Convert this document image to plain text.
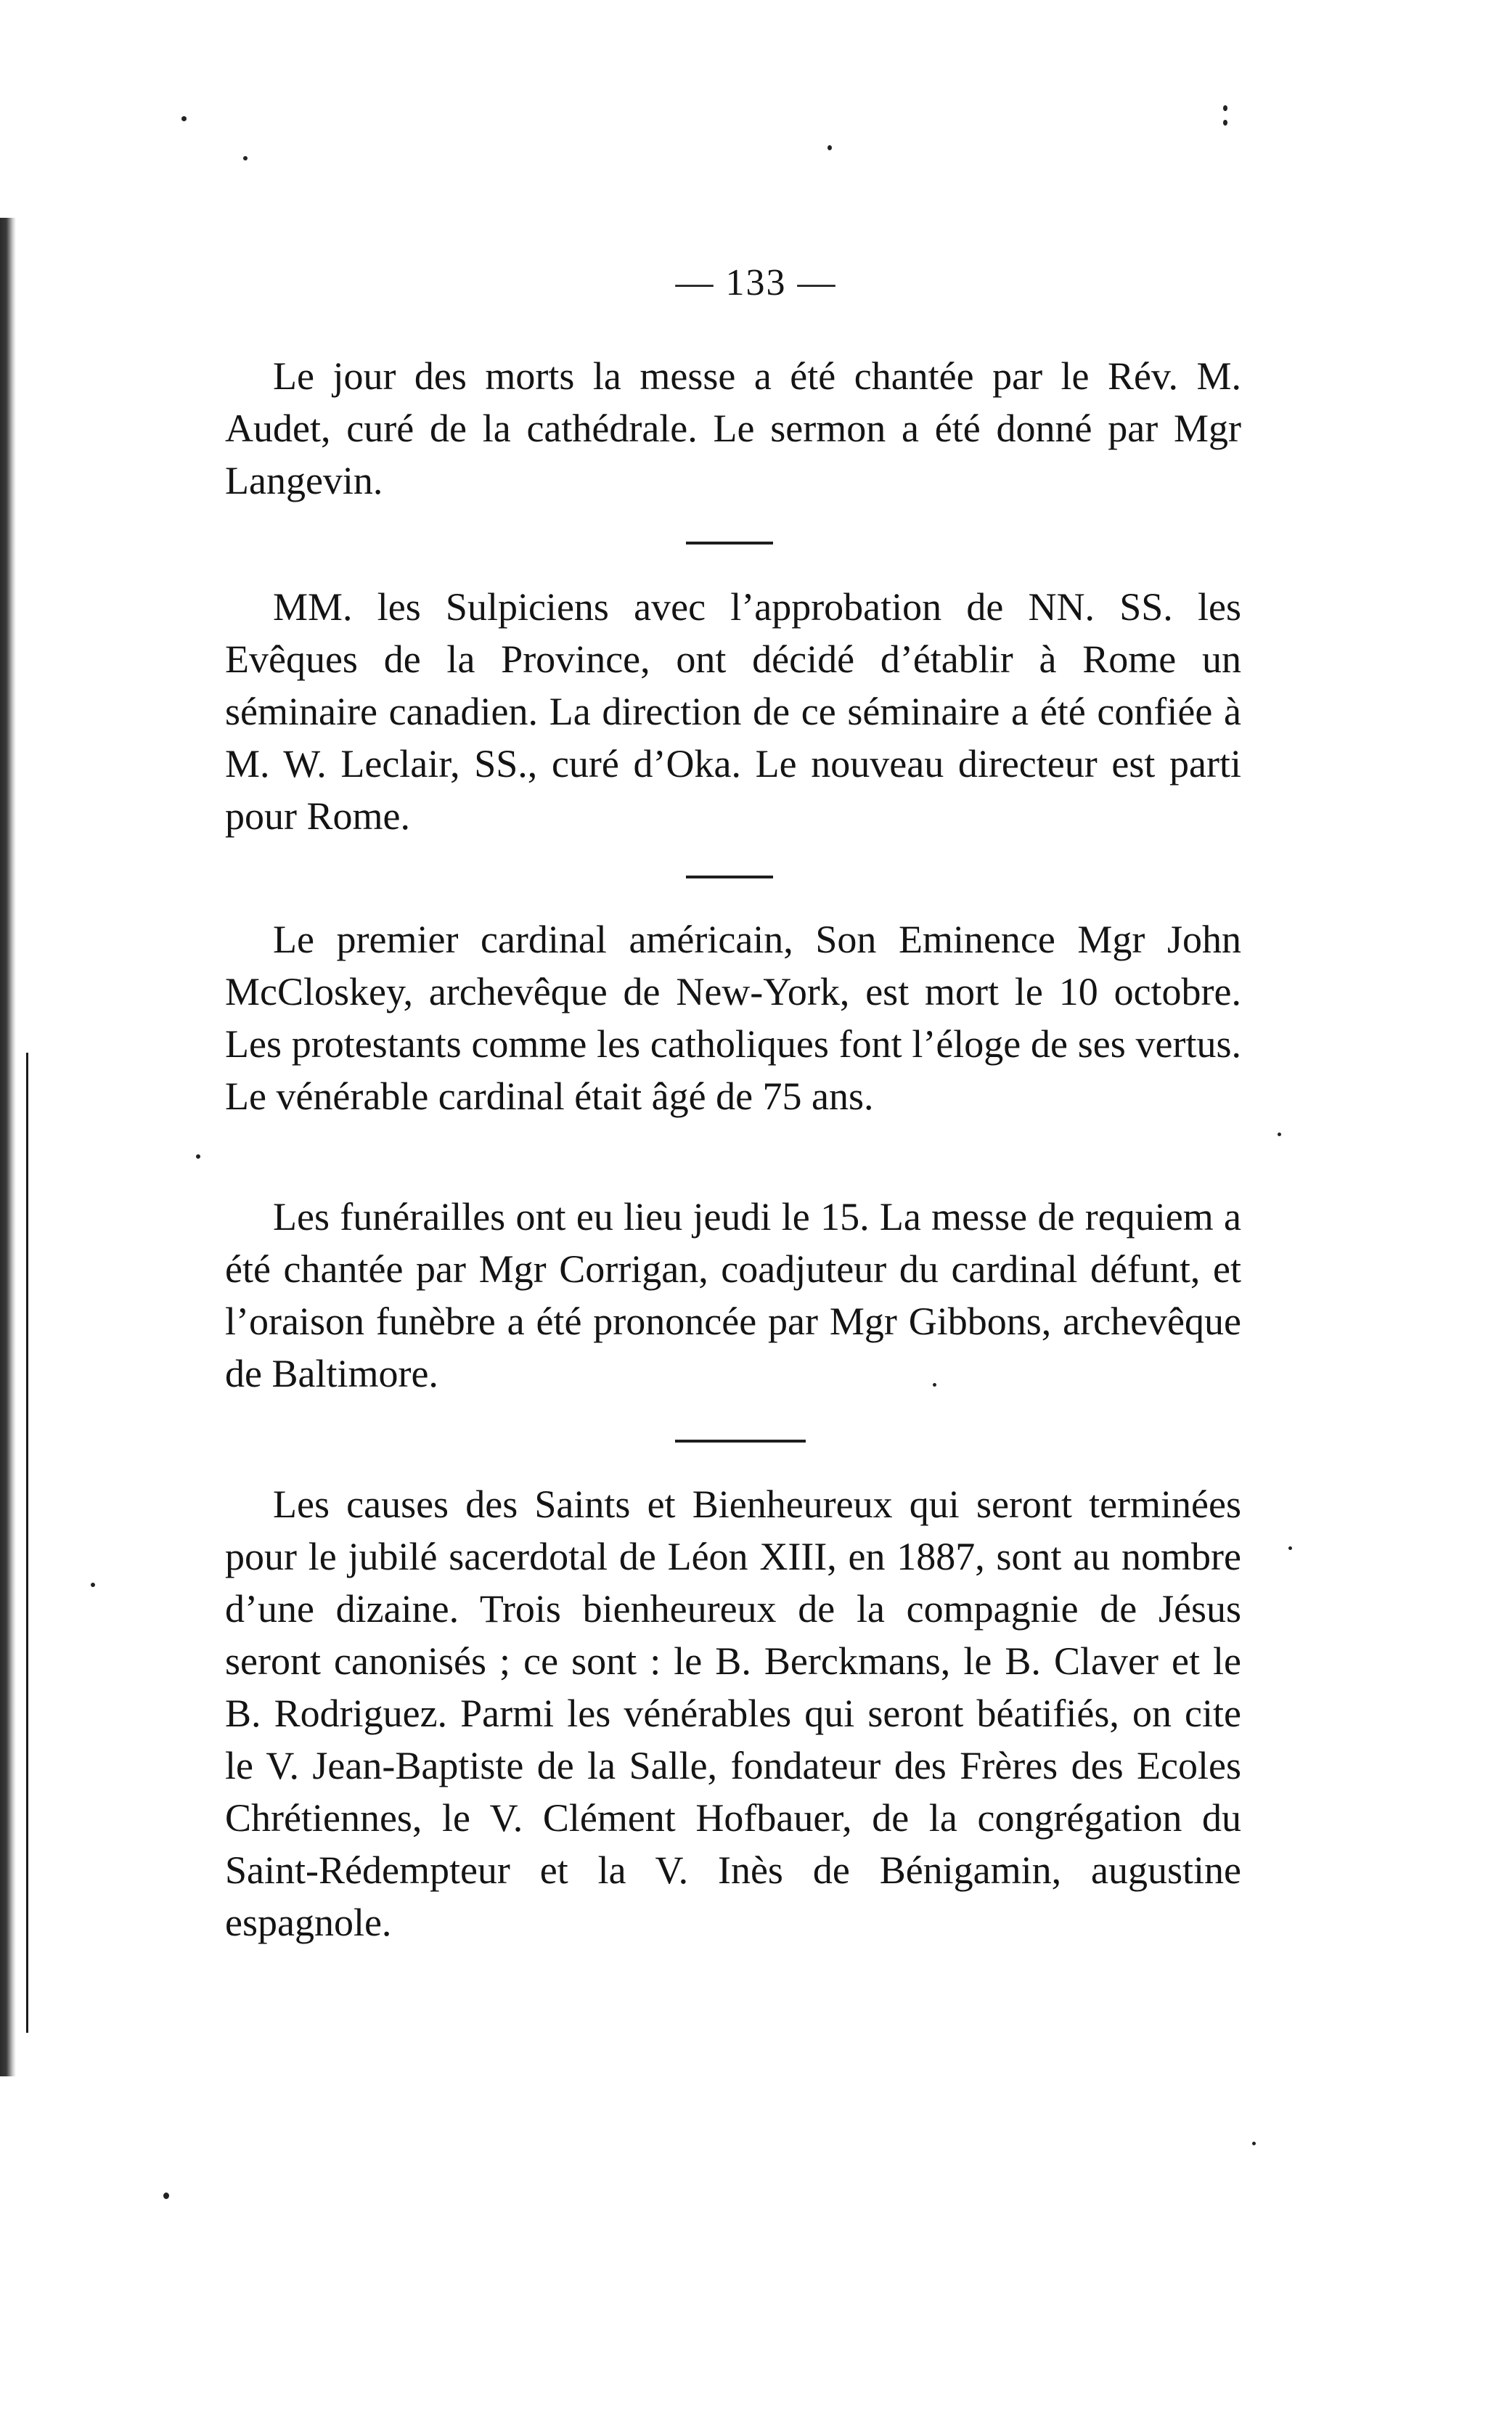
— 133 —

Le jour des morts la messe a été chantée par le Rév. M. Audet, curé de la cathédrale. Le sermon a été donné par Mgr Langevin.

MM. les Sulpiciens avec l’approbation de NN. SS. les Evêques de la Province, ont décidé d’établir à Rome un séminaire canadien. La direction de ce séminaire a été confiée à M. W. Leclair, SS., curé d’Oka. Le nouveau directeur est parti pour Rome.

Le premier cardinal américain, Son Eminence Mgr John McCloskey, archevêque de New-York, est mort le 10 octobre. Les protestants comme les catholiques font l’éloge de ses vertus. Le vénérable cardinal était âgé de 75 ans.

Les funérailles ont eu lieu jeudi le 15. La messe de requiem a été chantée par Mgr Corrigan, coadjuteur du cardinal défunt, et l’oraison funèbre a été prononcée par Mgr Gibbons, archevêque de Baltimore.

Les causes des Saints et Bienheureux qui seront terminées pour le jubilé sacerdotal de Léon XIII, en 1887, sont au nombre d’une dizaine. Trois bienheureux de la compagnie de Jésus seront canonisés ; ce sont : le B. Berckmans, le B. Claver et le B. Rodriguez. Parmi les vénérables qui seront béatifiés, on cite le V. Jean-Baptiste de la Salle, fondateur des Frères des Ecoles Chrétiennes, le V. Clément Hofbauer, de la congrégation du Saint-Rédempteur et la V. Inès de Bénigamin, augustine espagnole.
